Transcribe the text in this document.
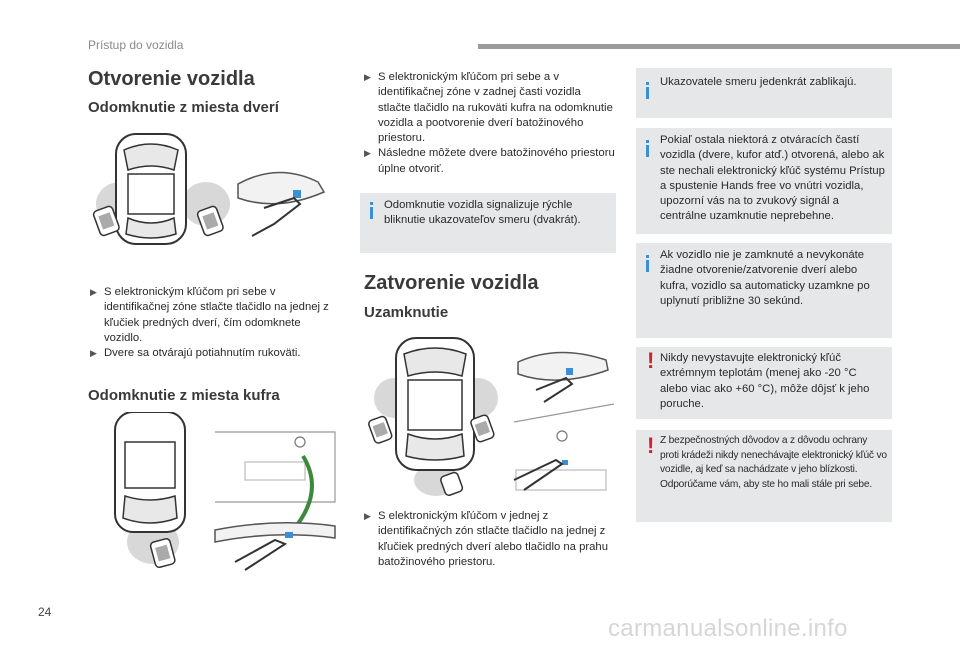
Prístup do vozidla
Otvorenie vozidla
Odomknutie z miesta dverí
▶ S elektronickým kľúčom pri sebe v identifikačnej zóne stlačte tlačidlo na jednej z kľučiek predných dverí, čím odomknete vozidlo.
▶ Dvere sa otvárajú potiahnutím rukoväti.
Odomknutie z miesta kufra
▶ S elektronickým kľúčom pri sebe a v identifikačnej zóne v zadnej časti vozidla stlačte tlačidlo na rukoväti kufra na odomknutie vozidla a pootvorenie dverí batožinového priestoru.
▶ Následne môžete dvere batožinového priestoru úplne otvoriť.
Odomknutie vozidla signalizuje rýchle bliknutie ukazovateľov smeru (dvakrát).
Zatvorenie vozidla
Uzamknutie
▶ S elektronickým kľúčom v jednej z identifikačných zón stlačte tlačidlo na jednej z kľučiek predných dverí alebo tlačidlo na prahu batožinového priestoru.
Ukazovatele smeru jedenkrát zablikajú.
Pokiaľ ostala niektorá z otváracích častí vozidla (dvere, kufor atď.) otvorená, alebo ak ste nechali elektronický kľúč systému Prístup a spustenie Hands free vo vnútri vozidla, upozorní vás na to zvukový signál a centrálne uzamknutie neprebehne.
Ak vozidlo nie je zamknuté a nevykonáte žiadne otvorenie/zatvorenie dverí alebo kufra, vozidlo sa automaticky uzamkne po uplynutí približne 30 sekúnd.
! Nikdy nevystavujte elektronický kľúč extrémnym teplotám (menej ako -20 °C alebo viac ako +60 °C), môže dôjsť k jeho poruche.
! Z bezpečnostných dôvodov a z dôvodu ochrany proti krádeži nikdy nenechávajte elektronický kľúč vo vozidle, aj keď sa nachádzate v jeho blízkosti.
Odporúčame vám, aby ste ho mali stále pri sebe.
24
carmanualsonline.info
